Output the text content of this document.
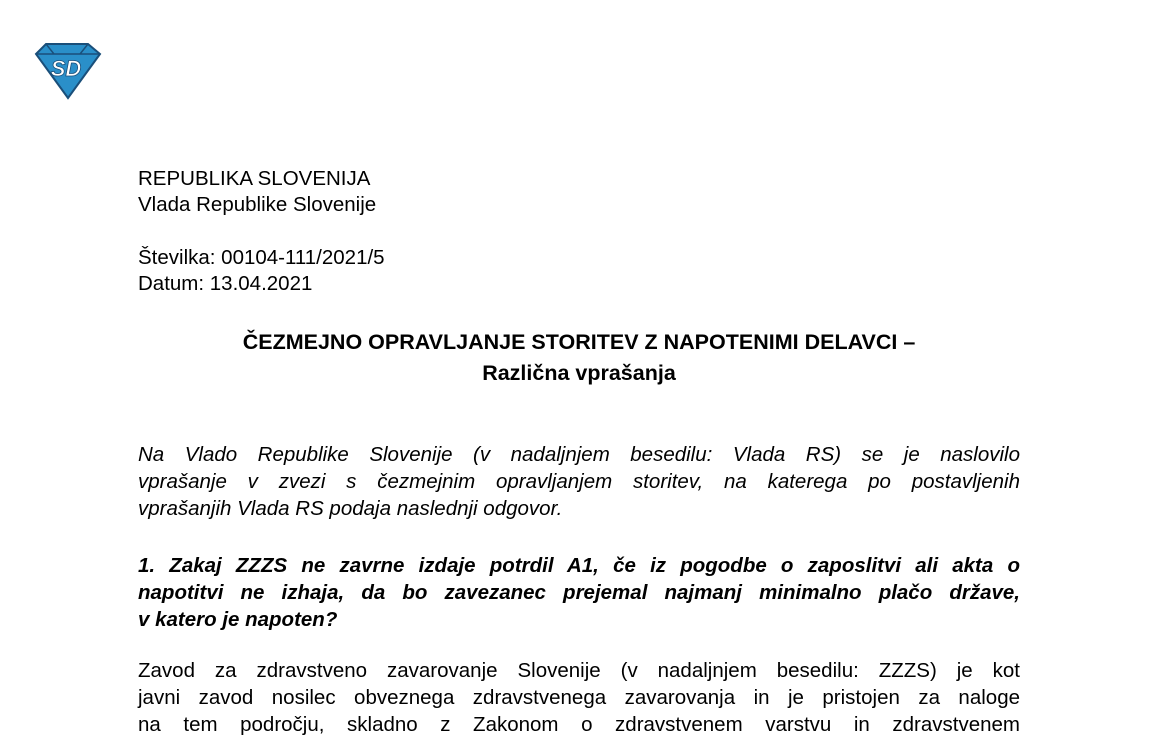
SD

REPUBLIKA SLOVENIJA

Vlada Republike Slovenije

Številka: 00104-111/2021/5

Datum: 13.04.2021

ČEZMEJNO OPRAVLJANJE STORITEV Z NAPOTENIMI DELAVCI –
Različna vprašanja
Na Vlado Republike Slovenije (v nadaljnjem besedilu: Vlada RS) se je naslovilo
vprašanje v zvezi s čezmejnim opravljanjem storitev, na katerega po postavljenih
vprašanjih Vlada RS podaja naslednji odgovor.
1. Zakaj ZZZS ne zavrne izdaje potrdil A1, če iz pogodbe o zaposlitvi ali akta o
napotitvi ne izhaja, da bo zavezanec prejemal najmanj minimalno plačo države,
v katero je napoten?
Zavod za zdravstveno zavarovanje Slovenije (v nadaljnjem besedilu: ZZZS) je kot
javni zavod nosilec obveznega zdravstvenega zavarovanja in je pristojen za naloge
na tem področju, skladno z Zakonom o zdravstvenem varstvu in zdravstvenem
